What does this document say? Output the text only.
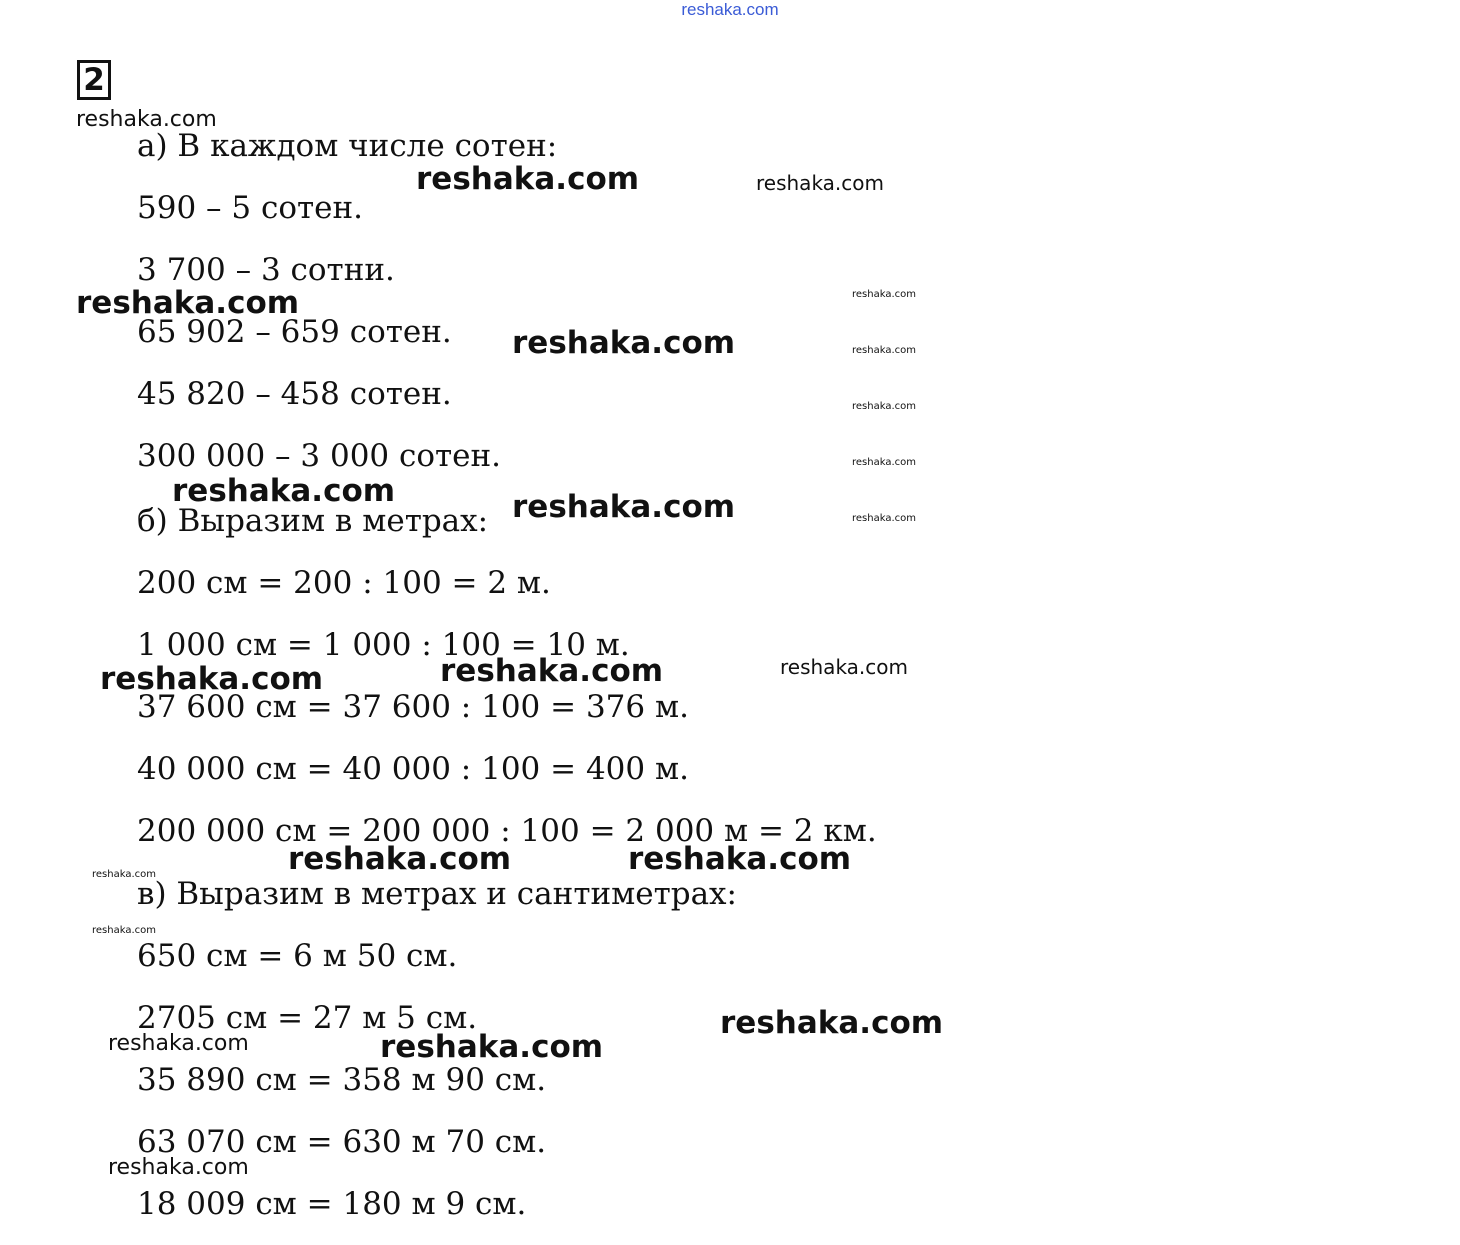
reshaka.com
2
а) В каждом числе сотен:
590 – 5 сотен.
3 700 – 3 сотни.
65 902 – 659 сотен.
45 820 – 458 сотен.
300 000 – 3 000 сотен.
б) Выразим в метрах:
200 см = 200 : 100 = 2 м.
1 000 см = 1 000 : 100 = 10 м.
37 600 см = 37 600 : 100 = 376 м.
40 000 см = 40 000 : 100 = 400 м.
200 000 см = 200 000 : 100 = 2 000 м = 2 км.
в) Выразим в метрах и сантиметрах:
650 см = 6 м 50 см.
2705 см = 27 м 5 см.
35 890 см = 358 м 90 см.
63 070 см = 630 м 70 см.
18 009 см = 180 м 9 см.
reshaka.com
reshaka.com	reshaka.com
reshaka.com	reshaka.com
reshaka.com	reshaka.com
reshaka.com
reshaka.com
reshaka.com	reshaka.com	reshaka.com
reshaka.com	reshaka.com
reshaka.com
reshaka.com	reshaka.com
reshaka.com
reshaka.com
reshaka.com
reshaka.com	reshaka.com
reshaka.com
